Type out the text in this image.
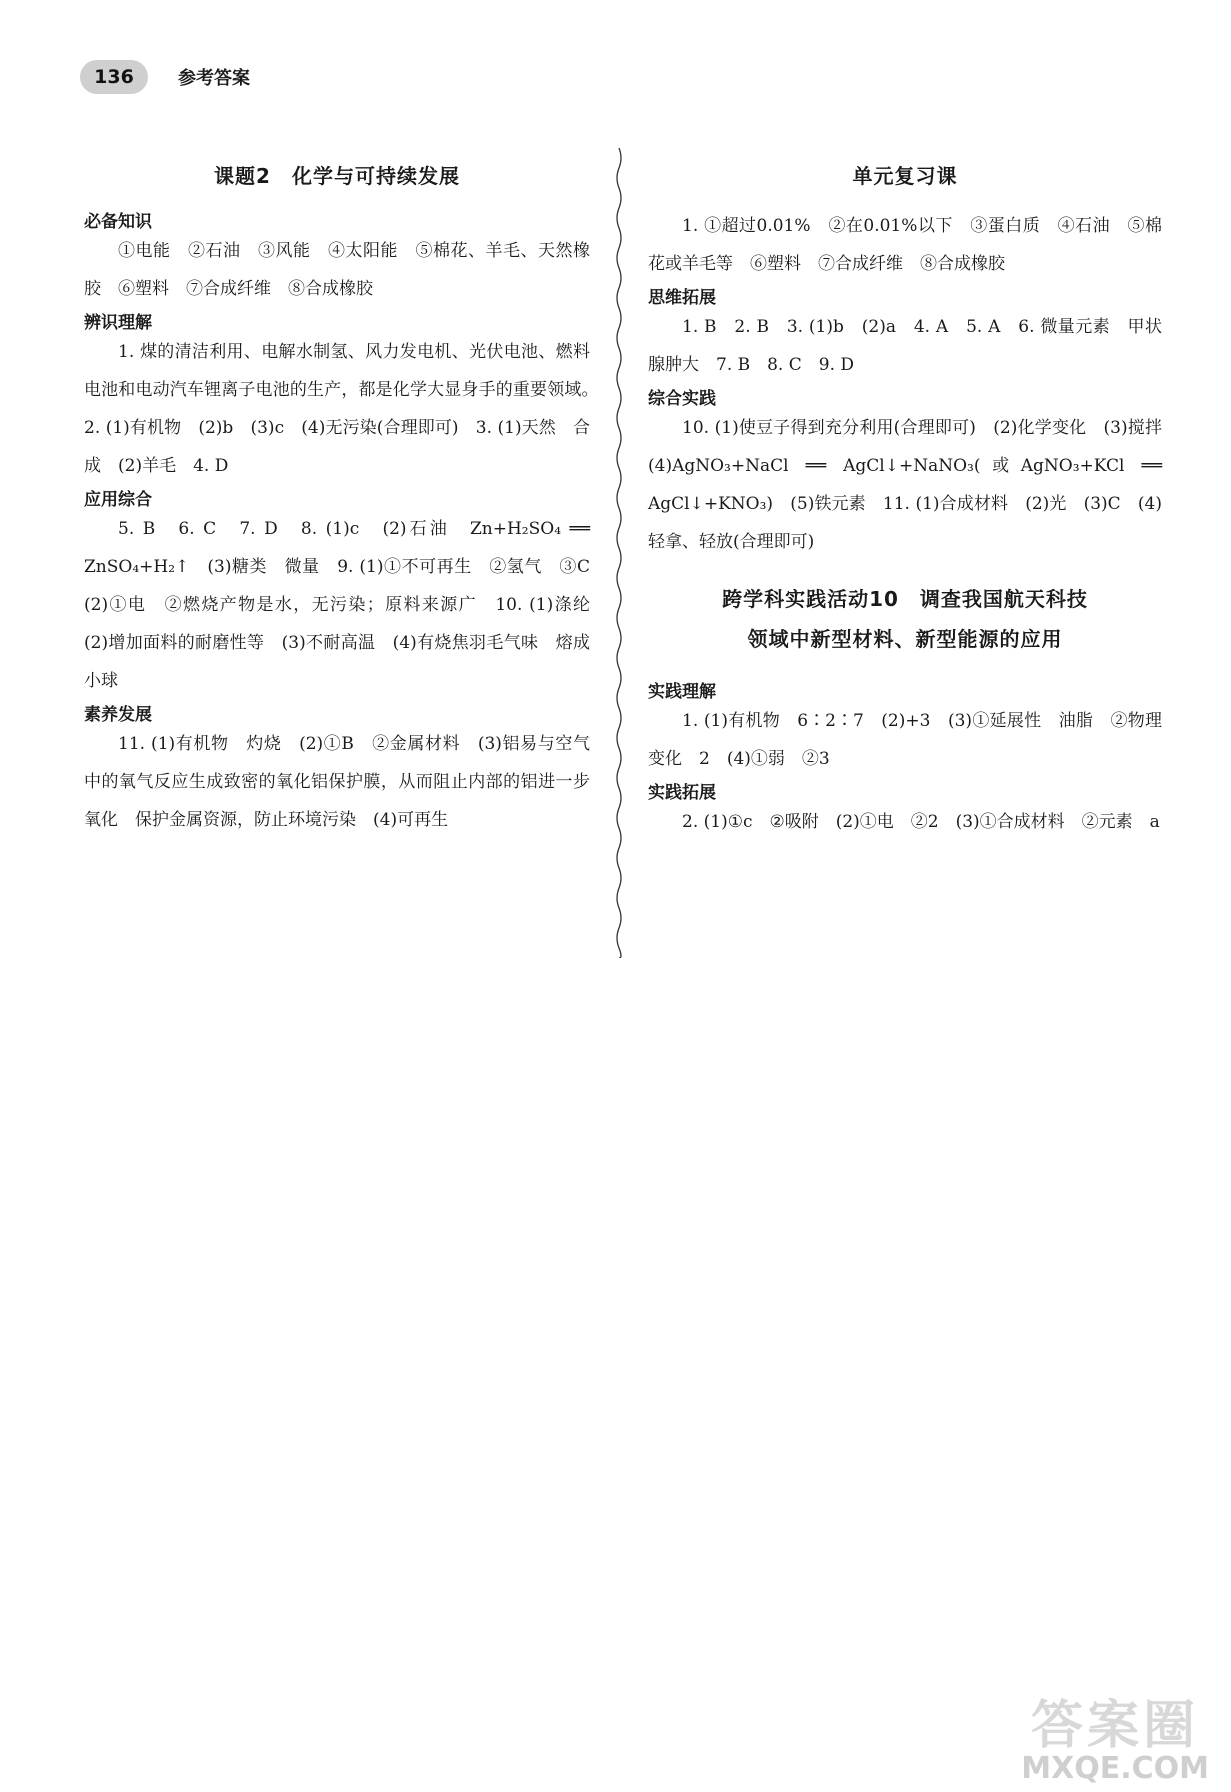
136	参考答案
课题2　化学与可持续发展

必备知识

①电能　②石油　③风能　④太阳能　⑤棉花、羊毛、天然橡胶　⑥塑料　⑦合成纤维　⑧合成橡胶

辨识理解

1. 煤的清洁利用、电解水制氢、风力发电机、光伏电池、燃料电池和电动汽车锂离子电池的生产，都是化学大显身手的重要领域。　2. (1)有机物　(2)b　(3)c　(4)无污染(合理即可)　3. (1)天然　合成　(2)羊毛　4. D

应用综合

5. B　6. C　7. D　8. (1)c　(2)石油　Zn+H₂SO₄ ══ ZnSO₄+H₂↑　(3)糖类　微量　9. (1)①不可再生　②氢气　③C　(2)①电　②燃烧产物是水，无污染；原料来源广　10. (1)涤纶　(2)增加面料的耐磨性等　(3)不耐高温　(4)有烧焦羽毛气味　熔成小球

素养发展

11. (1)有机物　灼烧　(2)①B　②金属材料　(3)铝易与空气中的氧气反应生成致密的氧化铝保护膜，从而阻止内部的铝进一步氧化　保护金属资源，防止环境污染　(4)可再生

单元复习课

1. ①超过0.01%　②在0.01%以下　③蛋白质　④石油　⑤棉花或羊毛等　⑥塑料　⑦合成纤维　⑧合成橡胶

思维拓展

1. B　2. B　3. (1)b　(2)a　4. A　5. A　6. 微量元素　甲状腺肿大　7. B　8. C　9. D

综合实践

10. (1)使豆子得到充分利用(合理即可)　(2)化学变化　(3)搅拌　(4)AgNO₃+NaCl ══ AgCl↓+NaNO₃(或AgNO₃+KCl ══ AgCl↓+KNO₃)　(5)铁元素　11. (1)合成材料　(2)光　(3)C　(4)轻拿、轻放(合理即可)

跨学科实践活动10　调查我国航天科技
领域中新型材料、新型能源的应用

实践理解

1. (1)有机物　6∶2∶7　(2)+3　(3)①延展性　油脂　②物理变化　2　(4)①弱　②3

实践拓展

2. (1)①c　②吸附　(2)①电　②2　(3)①合成材料　②元素　a

答案圈
MXQE.COM
